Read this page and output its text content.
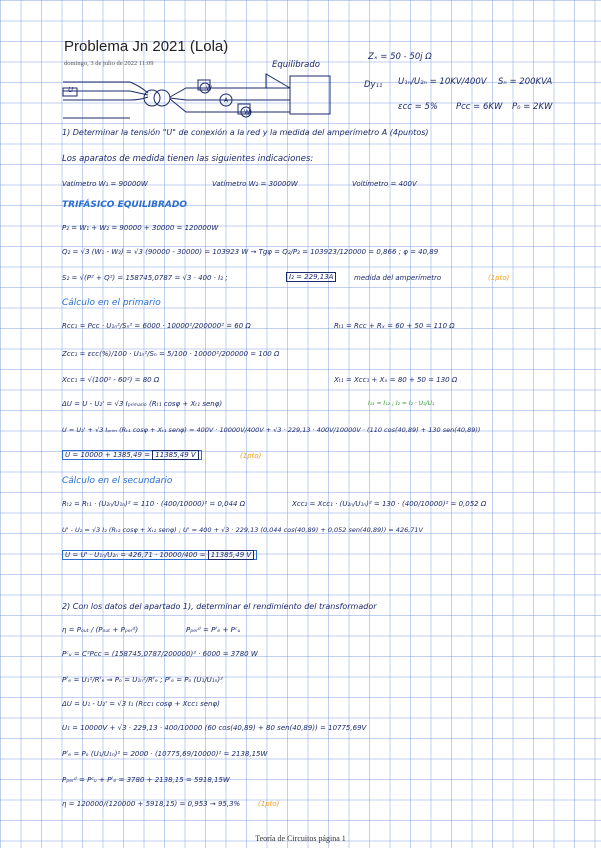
Problema Jn 2021 (Lola)
domingo, 3 de julio de 2022 11:09
W
A
W
U
Equilibrado
Zₓ = 50 - 50j Ω
Dy₁₁ U₁ₙ/U₂ₙ = 10KV/400V Sₙ = 200KVA
εcc = 5% Pcc = 6KW P₀ = 2KW
1) Determinar la tensión "U" de conexión a la red y la medida del amperímetro A (4puntos)
Los aparatos de medida tienen las siguientes indicaciones:
Vatímetro W₁ = 90000W	Vatímetro W₂ = 30000W	Voltímetro = 400V
TRIFÁSICO EQUILIBRADO
P₂ = W₁ + W₂ = 90000 + 30000 = 120000W
Q₂ = √3 (W₁ - W₂) = √3 (90000 - 30000) = 103923 W → Tgφ = Q₂/P₂ = 103923/120000 = 0,866 ; φ = 40,89
S₂ = √(P² + Q²) = 158745,0787 = √3 · 400 · I₂ ;	I₂ = 229,13A	medida del amperímetro	(1pto)
Cálculo en el primario
Rcc₁ = Pcc · U₁ₙ²/Sₙ² = 6000 · 10000²/200000² = 60 Ω	Rₜ₁ = Rcc + Rₓ = 60 + 50 = 110 Ω
Zcc₁ = εcc(%)/100 · U₁ₙ²/Sₙ = 5/100 · 10000²/200000 = 100 Ω
Xcc₁ = √(100² - 60²) = 80 Ω	Xₜ₁ = Xcc₁ + Xₓ = 80 + 50 = 130 Ω
ΔU = U - U₂' = √3 Iₚᵣᵢₘₐᵣᵢₒ (Rₜ₁ cosφ + Xₜ₁ senφ)	I₁₁ = I₁₂ ; I₂ = I₂ · U₂/U₁
U = U₂' + √3 Iₚᵣᵢₘ (Rₜ₁ cosφ + Xₜ₁ senφ) = 400V · 10000V/400V + √3 · 229,13 · 400V/10000V · (110 cos(40,89) + 130 sen(40,89))
U = 10000 + 1385,49 = 11385,49 V	(1pto)
Cálculo en el secundario
Rₜ₂ = Rₜ₁ · (U₂ₙ/U₁ₙ)² = 110 · (400/10000)² = 0,044 Ω	Xcc₂ = Xcc₁ · (U₂ₙ/U₁ₙ)² = 130 · (400/10000)² = 0,052 Ω
U' - U₂ = √3 I₂ (Rₜ₂ cosφ + Xₜ₂ senφ) ; U' = 400 + √3 · 229,13 (0,044 cos(40,89) + 0,052 sen(40,89)) = 426,71V
U = U' · U₁ₙ/U₂ₙ = 426,71 · 10000/400 = 11385,49 V
2) Con los datos del apartado 1), determinar el rendimiento del transformador
η = Pₒᵤₜ / (Pₒᵤₜ + Pₚₑᵣᵈ)	Pₚₑᵣᵈ = Pᶠₑ + Pᶜᵤ
Pᶜᵤ = C²Pcc = (158745,0787/200000)² · 6000 = 3780 W
Pᶠₑ = U₁²/Rᶠₑ ⇒ Pₒ = U₁ₙ²/Rᶠₑ ; Pᶠₑ = Pₒ (U₁/U₁ₙ)²
ΔU = U₁ - U₂' = √3 I₁ (Rcc₁ cosφ + Xcc₁ senφ)
U₁ = 10000V + √3 · 229,13 · 400/10000 (60 cos(40,89) + 80 sen(40,89)) = 10775,69V
Pᶠₑ = Pₒ (U₁/U₁ₙ)² = 2000 · (10775,69/10000)² = 2138,15W
Pₚₑᵣᵈ = Pᶜᵤ + Pᶠₑ = 3780 + 2138,15 = 5918,15W
η = 120000/(120000 + 5918,15) = 0,953 → 95,3%	(1pto)
Teoría de Circuitos página 1
